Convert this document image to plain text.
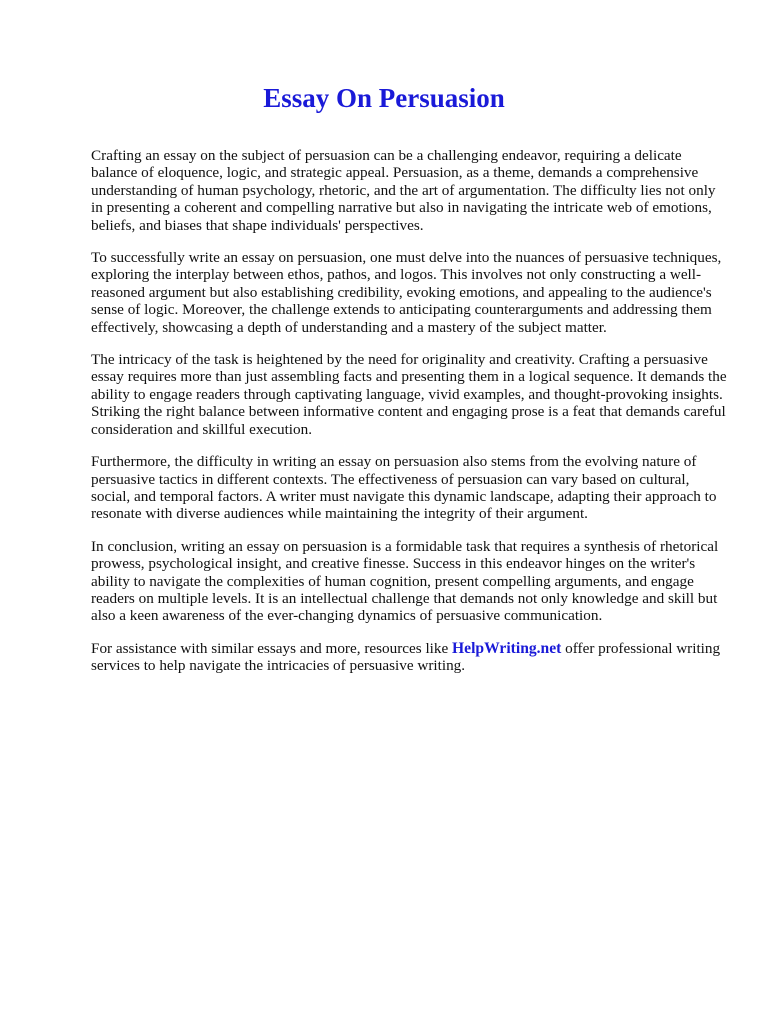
Essay On Persuasion

Crafting an essay on the subject of persuasion can be a challenging endeavor, requiring a delicate balance of eloquence, logic, and strategic appeal. Persuasion, as a theme, demands a comprehensive understanding of human psychology, rhetoric, and the art of argumentation. The difficulty lies not only in presenting a coherent and compelling narrative but also in navigating the intricate web of emotions, beliefs, and biases that shape individuals' perspectives.

To successfully write an essay on persuasion, one must delve into the nuances of persuasive techniques, exploring the interplay between ethos, pathos, and logos. This involves not only constructing a well-reasoned argument but also establishing credibility, evoking emotions, and appealing to the audience's sense of logic. Moreover, the challenge extends to anticipating counterarguments and addressing them effectively, showcasing a depth of understanding and a mastery of the subject matter.

The intricacy of the task is heightened by the need for originality and creativity. Crafting a persuasive essay requires more than just assembling facts and presenting them in a logical sequence. It demands the ability to engage readers through captivating language, vivid examples, and thought-provoking insights. Striking the right balance between informative content and engaging prose is a feat that demands careful consideration and skillful execution.

Furthermore, the difficulty in writing an essay on persuasion also stems from the evolving nature of persuasive tactics in different contexts. The effectiveness of persuasion can vary based on cultural, social, and temporal factors. A writer must navigate this dynamic landscape, adapting their approach to resonate with diverse audiences while maintaining the integrity of their argument.

In conclusion, writing an essay on persuasion is a formidable task that requires a synthesis of rhetorical prowess, psychological insight, and creative finesse. Success in this endeavor hinges on the writer's ability to navigate the complexities of human cognition, present compelling arguments, and engage readers on multiple levels. It is an intellectual challenge that demands not only knowledge and skill but also a keen awareness of the ever-changing dynamics of persuasive communication.

For assistance with similar essays and more, resources like HelpWriting.net offer professional writing services to help navigate the intricacies of persuasive writing.
